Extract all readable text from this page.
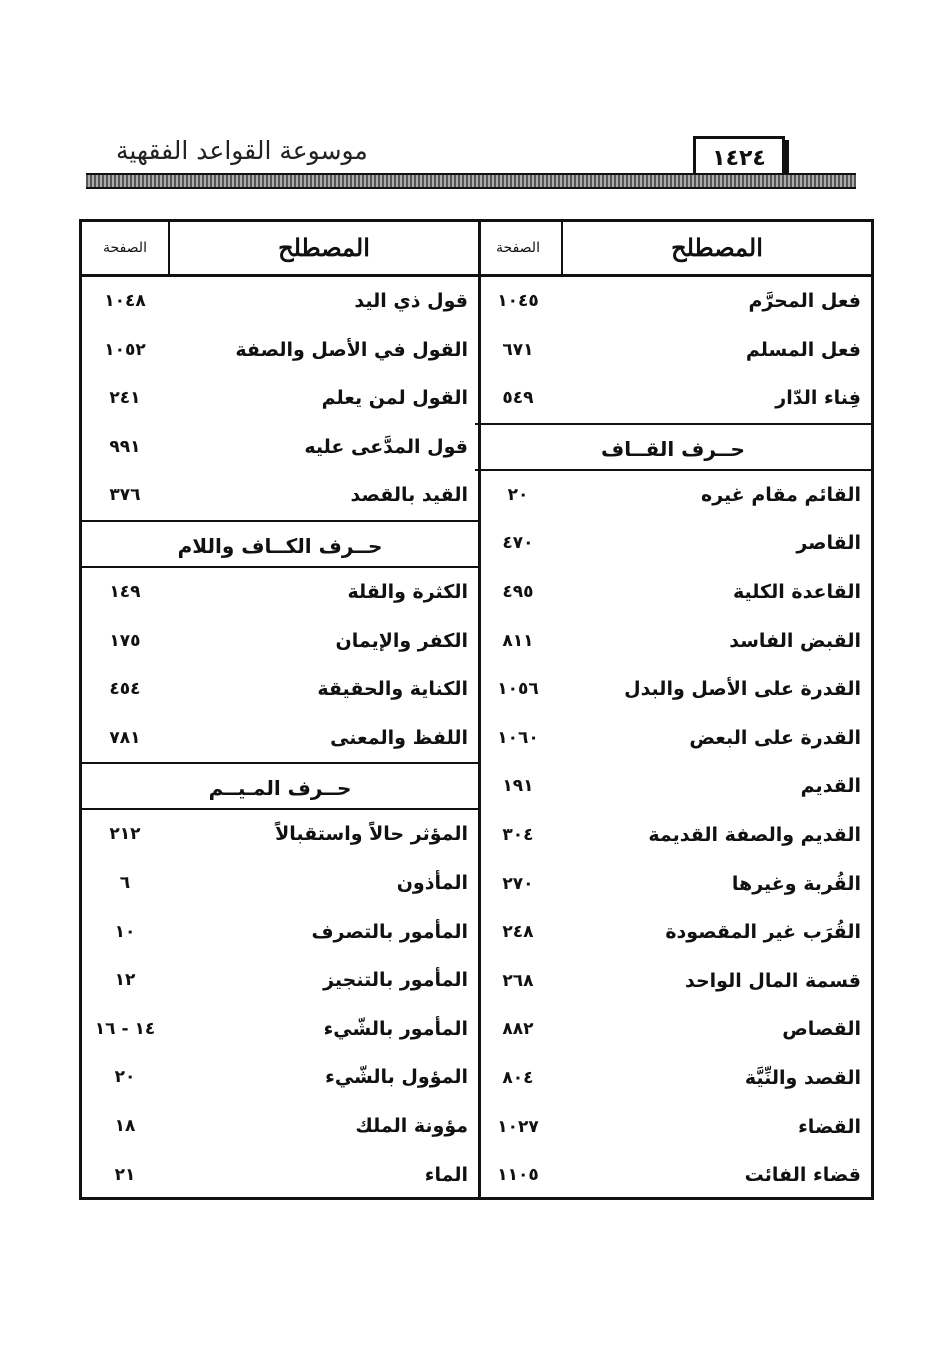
موسوعة القواعد الفقهية	١٤٢٤
المصطلح
الصفحة
قول ذي اليد
١٠٤٨
القول في الأصل والصفة
١٠٥٢
القول لمن يعلم
٢٤١
قول المدَّعى عليه
٩٩١
القيد بالقصد
٣٧٦
حــرف الكــاف واللام
الكثرة والقلة
١٤٩
الكفر والإيمان
١٧٥
الكناية والحقيقة
٤٥٤
اللفظ والمعنى
٧٨١
حــرف المـيــم
المؤثر حالاً واستقبالاً
٢١٢
المأذون
٦
المأمور بالتصرف
١٠
المأمور بالتنجيز
١٢
المأمور بالشّيء
١٤ - ١٦
المؤول بالشّيء
٢٠
مؤونة الملك
١٨
الماء
٢١
المصطلح
الصفحة
فعل المحرَّم
١٠٤٥
فعل المسلم
٦٧١
فِناء الدّار
٥٤٩
حــرف القــاف
القائم مقام غيره
٢٠
القاصر
٤٧٠
القاعدة الكلية
٤٩٥
القبض الفاسد
٨١١
القدرة على الأصل والبدل
١٠٥٦
القدرة على البعض
١٠٦٠
القديم
١٩١
القديم والصفة القديمة
٣٠٤
القُربة وغيرها
٢٧٠
القُرَب غير المقصودة
٢٤٨
قسمة المال الواحد
٢٦٨
القصاص
٨٨٢
القصد والنِّيَّة
٨٠٤
القضاء
١٠٢٧
قضاء الفائت
١١٠٥
